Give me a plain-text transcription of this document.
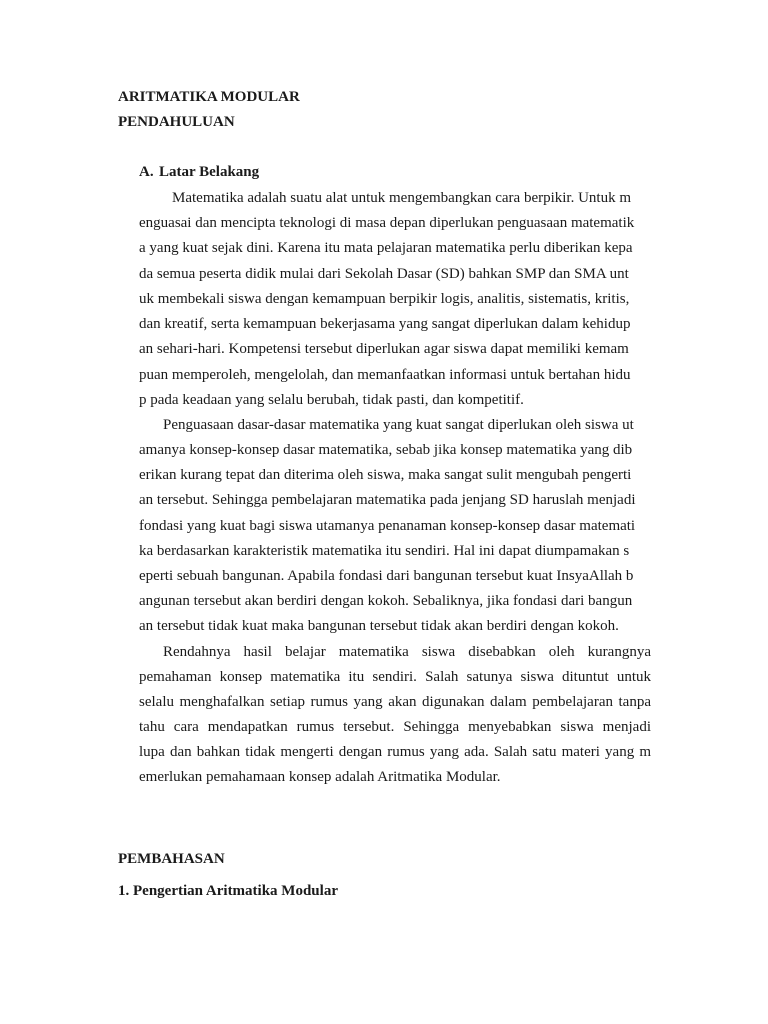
ARITMATIKA MODULAR
PENDAHULUAN
A. Latar Belakang
Matematika adalah suatu alat untuk mengembangkan cara berpikir. Untuk m
enguasai dan mencipta teknologi di masa depan diperlukan penguasaan matematik
a yang kuat sejak dini. Karena itu mata pelajaran matematika perlu diberikan kepa
da semua peserta didik mulai dari Sekolah Dasar (SD) bahkan SMP dan SMA unt
uk membekali siswa dengan kemampuan berpikir logis, analitis, sistematis, kritis,
dan kreatif, serta kemampuan bekerjasama yang sangat diperlukan dalam kehidup
an sehari-hari. Kompetensi tersebut diperlukan agar siswa dapat memiliki kemam
puan memperoleh, mengelolah, dan memanfaatkan informasi untuk bertahan hidu
p pada keadaan yang selalu berubah, tidak pasti, dan kompetitif.
Penguasaan dasar-dasar matematika yang kuat sangat diperlukan oleh siswa ut
amanya konsep-konsep dasar matematika, sebab jika konsep matematika yang dib
erikan kurang tepat dan diterima oleh siswa, maka sangat sulit mengubah pengerti
an tersebut. Sehingga pembelajaran matematika pada jenjang SD haruslah menjadi
fondasi yang kuat bagi siswa utamanya penanaman konsep-konsep dasar matemati
ka berdasarkan karakteristik matematika itu sendiri. Hal ini dapat diumpamakan s
eperti sebuah bangunan. Apabila fondasi dari bangunan tersebut kuat InsyaAllah b
angunan tersebut akan berdiri dengan kokoh. Sebaliknya, jika fondasi dari bangun
an tersebut tidak kuat maka bangunan tersebut tidak akan berdiri dengan kokoh.
Rendahnya hasil belajar matematika siswa disebabkan oleh kurangnya
pemahaman konsep matematika itu sendiri. Salah satunya siswa dituntut untuk
selalu menghafalkan setiap rumus yang akan digunakan dalam pembelajaran tanpa
tahu cara mendapatkan rumus tersebut. Sehingga menyebabkan siswa menjadi
lupa dan bahkan tidak mengerti dengan rumus yang ada. Salah satu materi yang m
emerlukan pemahamaan konsep adalah Aritmatika Modular.
PEMBAHASAN
1. Pengertian Aritmatika Modular
